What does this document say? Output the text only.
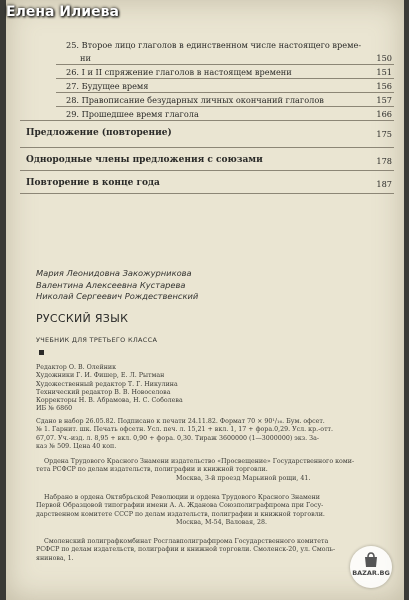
25. Второе лицо глаголов в единственном числе настоящего време-
ни	150
26. I и II спряжение глаголов в настоящем времени	151
27. Будущее время	156
28. Правописание безударных личных окончаний глаголов	157
29. Прошедшее время глагола	166
Предложение (повторение)	175
Однородные члены предложения с союзами	178
Повторение в конце года	187
Мария Леонидовна Закожурникова
Валентина Алексеевна Кустарева
Николай Сергеевич Рождественский
РУССКИЙ ЯЗЫК
УЧЕБНИК ДЛЯ ТРЕТЬЕГО КЛАССА
Редактор О. В. Олейник
Художники Г. И. Фишер, Е. Л. Рытман
Художественный редактор Т. Г. Никулина
Технический редактор В. В. Новоселова
Корректоры Н. В. Абрамова, Н. С. Соболева
ИБ № 6860
Сдано в набор 26.05.82. Подписано к печати 24.11.82. Формат 70 × 90¹/₁₆. Бум. офсет.
№ 1. Гарнит. шк. Печать офсетн. Усл. печ. л. 15,21 + вкл. 1, 17 + фора.0,29. Усл. кр.-отт.
67,07. Уч.-изд. л. 8,95 + вкл. 0,90 + фора. 0,30. Тираж 3600000 (1—3000000) экз. За-
каз № 509. Цена 40 коп.
Ордена Трудового Красного Знамени издательство «Просвещение» Государственного коми-
тета РСФСР по делам издательств, полиграфии и книжной торговли.
Москва, 3-й проезд Марьиной рощи, 41.
Набрано в ордена Октябрьской Революции и ордена Трудового Красного Знамени
Первой Образцовой типографии имени А. А. Жданова Союзполиграфпрома при Госу-
дарственном комитете СССР по делам издательств, полиграфии и книжной торговли.
Москва, М-54, Валовая, 28.
Смоленский полиграфкомбинат Росглавполиграфпрома Государственного комитета
РСФСР по делам издательств, полиграфии и книжной торговли. Смоленск-20, ул. Смоль-
янинова, 1.
BAZAR.BG
Елена Илиева
